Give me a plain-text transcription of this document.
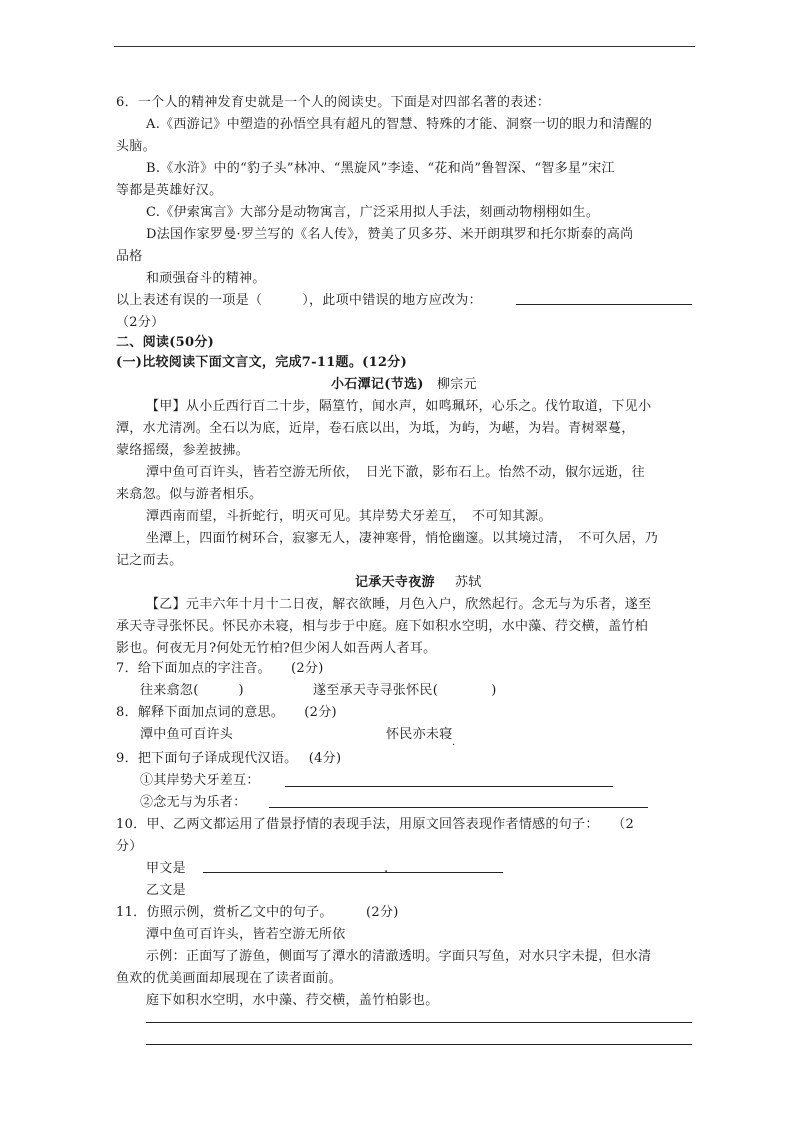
6．一个人的精神发育史就是一个人的阅读史。下面是对四部名著的表述：
A.《西游记》中塑造的孙悟空具有超凡的智慧、特殊的才能、洞察一切的眼力和清醒的
头脑。
B.《水浒》中的“豹子头”林冲、“黑旋风”李逵、“花和尚”鲁智深、“智多星”宋江
等都是英雄好汉。
C.《伊索寓言》大部分是动物寓言，广泛采用拟人手法，刻画动物栩栩如生。
D法国作家罗曼·罗兰写的《名人传》，赞美了贝多芬、米开朗琪罗和托尔斯泰的高尚
品格
和顽强奋斗的精神。
以上表述有误的一项是（　　　），此项中错误的地方应改为：
（2分）
二、阅读(50分)
(一)比较阅读下面文言文，完成7-11题。(12分)
小石潭记(节选) 柳宗元
【甲】从小丘西行百二十步，隔篁竹，闻水声，如鸣珮环，心乐之。伐竹取道，下见小
潭，水尤清冽。全石以为底，近岸，卷石底以出，为坻，为屿，为嵁，为岩。青树翠蔓，
蒙络摇缀，参差披拂。
潭中鱼可百许头，皆若空游无所依，　日光下澈，影布石上。怡然不动，俶尔远逝，往
来翕忽。似与游者相乐。
潭西南而望，斗折蛇行，明灭可见。其岸势犬牙差互，　不可知其源。
坐潭上，四面竹树环合，寂寥无人，凄神寒骨，悄怆幽邃。以其境过清，　不可久居，乃
记之而去。
记承天寺夜游 苏轼
【乙】元丰六年十月十二日夜，解衣欲睡，月色入户，欣然起行。念无与为乐者，遂至
承天寺寻张怀民。怀民亦未寝，相与步于中庭。庭下如积水空明，水中藻、荇交横，盖竹柏
影也。何夜无月?何处无竹柏?但少闲人如吾两人者耳。
7．给下面加点的字注音。　　(2分)
往来翕忽(　　　)	遂至承天寺寻张怀民(　　　　)
8．解释下面加点词的意思。　　(2分)
潭中鱼可百许头	怀民亦未寝
·
9．把下面句子译成现代汉语。　 (4分)
①其岸势犬牙差互：
②念无与为乐者：
10．甲、乙两文都运用了借景抒情的表现手法，用原文回答表现作者情感的句子：　　（2
分）
甲文是	.
乙文是
11．仿照示例，赏析乙文中的句子。　　　(2分)
潭中鱼可百许头，皆若空游无所依
示例：正面写了游鱼，侧面写了潭水的清澈透明。字面只写鱼，对水只字未提，但水清
鱼欢的优美画面却展现在了读者面前。
庭下如积水空明，水中藻、荇交横，盖竹柏影也。
